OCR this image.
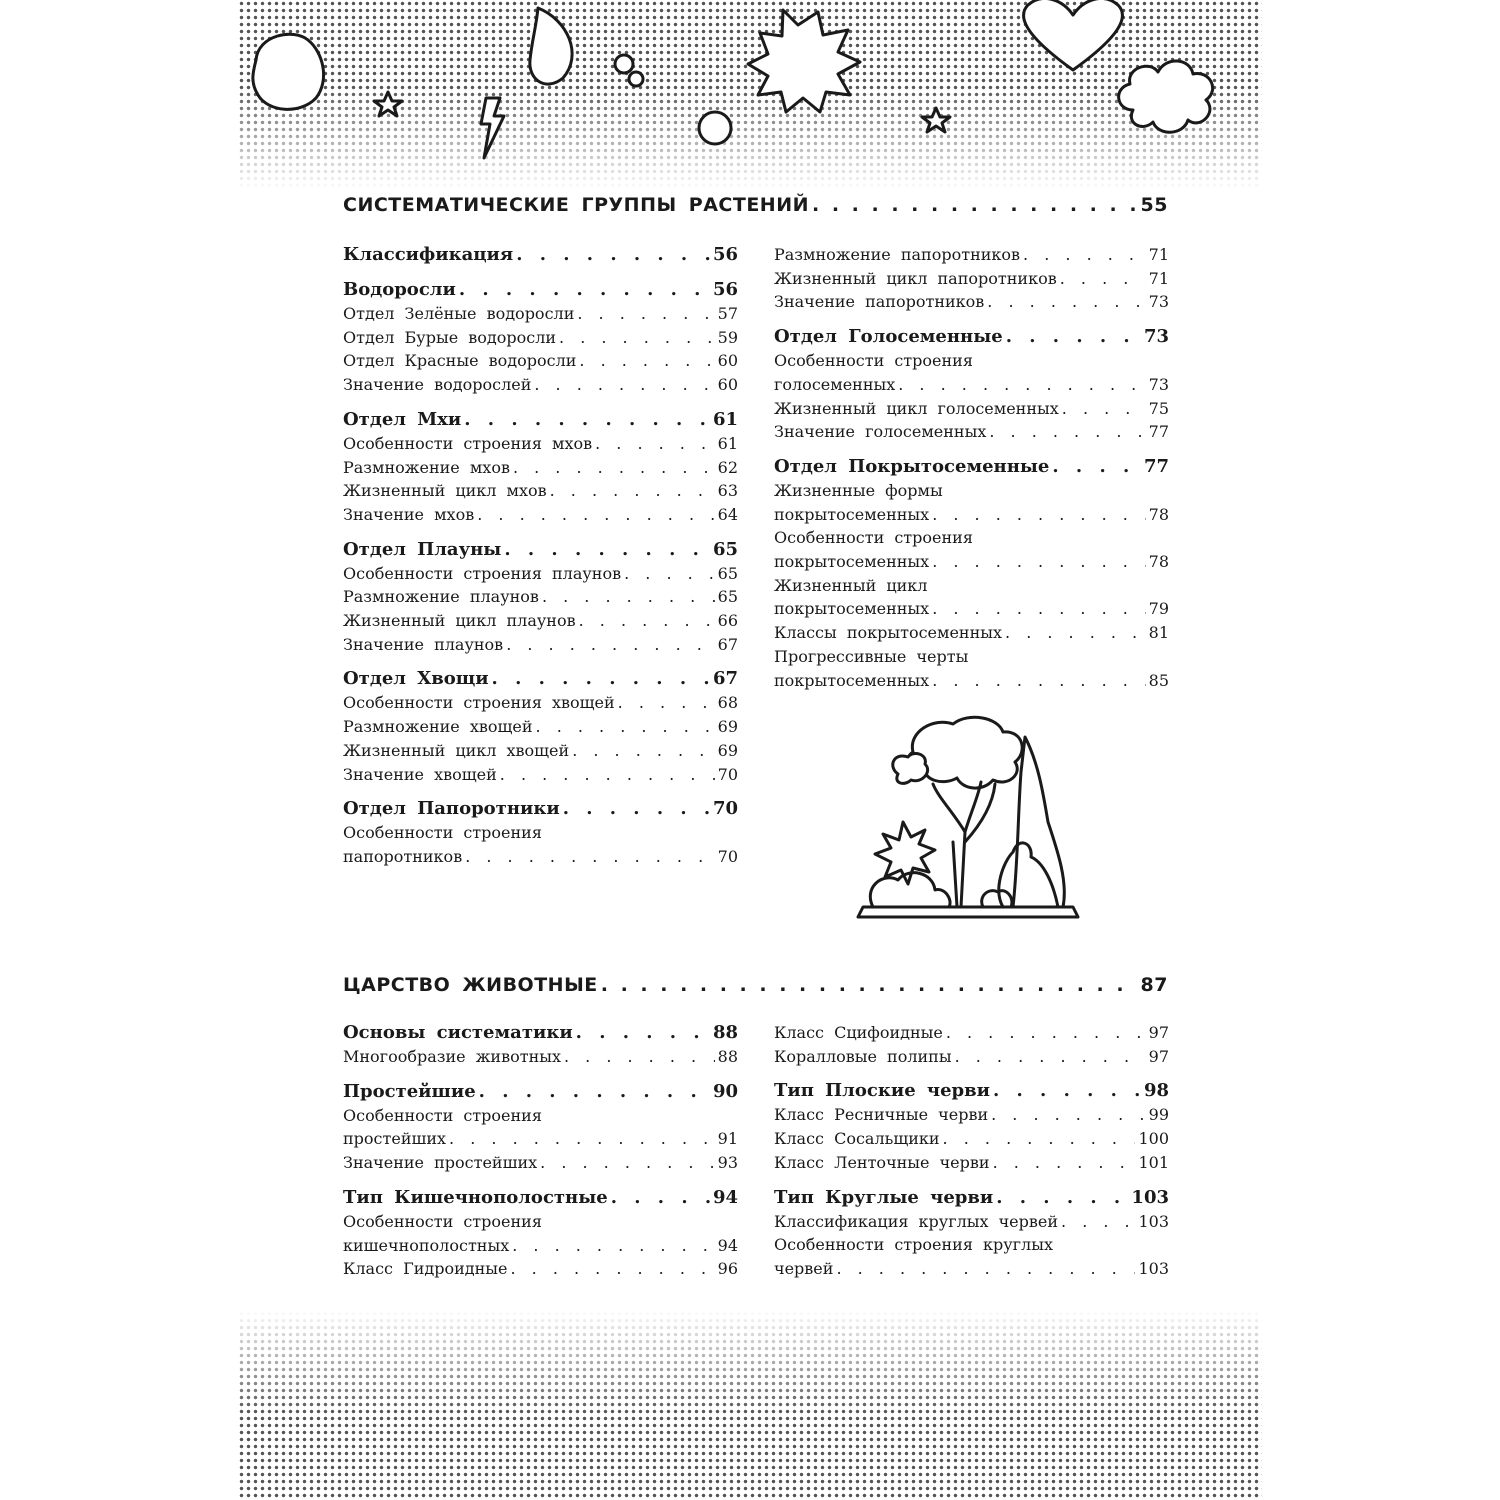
СИСТЕМАТИЧЕСКИЕ ГРУППЫ РАСТЕНИЙ . . .	55
Классификация . . .	56
Водоросли . . .	56
Отдел Зелёные водоросли . . .	57
Отдел Бурые водоросли . . .	59
Отдел Красные водоросли . . .	60
Значение водорослей . . .	60
Отдел Мхи . . .	61
Особенности строения мхов . . .	61
Размножение мхов . . .	62
Жизненный цикл мхов . . .	63
Значение мхов . . .	64
Отдел Плауны . . .	65
Особенности строения плаунов . . .	65
Размножение плаунов . . .	65
Жизненный цикл плаунов . . .	66
Значение плаунов . . .	67
Отдел Хвощи . . .	67
Особенности строения хвощей . . .	68
Размножение хвощей . . .	69
Жизненный цикл хвощей . . .	69
Значение хвощей . . .	70
Отдел Папоротники . . .	70
Особенности строения
папоротников . . .	70
Размножение папоротников . . .	71
Жизненный цикл папоротников . . .	71
Значение папоротников . . .	73
Отдел Голосеменные . . .	73
Особенности строения
голосеменных . . .	73
Жизненный цикл голосеменных . . .	75
Значение голосеменных . . .	77
Отдел Покрытосеменные . . .	77
Жизненные формы
покрытосеменных . . .	78
Особенности строения
покрытосеменных . . .	78
Жизненный цикл
покрытосеменных . . .	79
Классы покрытосеменных . . .	81
Прогрессивные черты
покрытосеменных . . .	85
ЦАРСТВО ЖИВОТНЫЕ . . .	87
Основы систематики . . .	88
Многообразие животных . . .	88
Простейшие . . .	90
Особенности строения
простейших . . .	91
Значение простейших . . .	93
Тип Кишечнополостные . . .	94
Особенности строения
кишечнополостных . . .	94
Класс Гидроидные . . .	96
Класс Сцифоидные . . .	97
Коралловые полипы . . .	97
Тип Плоские черви . . .	98
Класс Ресничные черви . . .	99
Класс Сосальщики . . .	100
Класс Ленточные черви . . .	101
Тип Круглые черви . . .	103
Классификация круглых червей . . .	103
Особенности строения круглых
червей . . .	103
